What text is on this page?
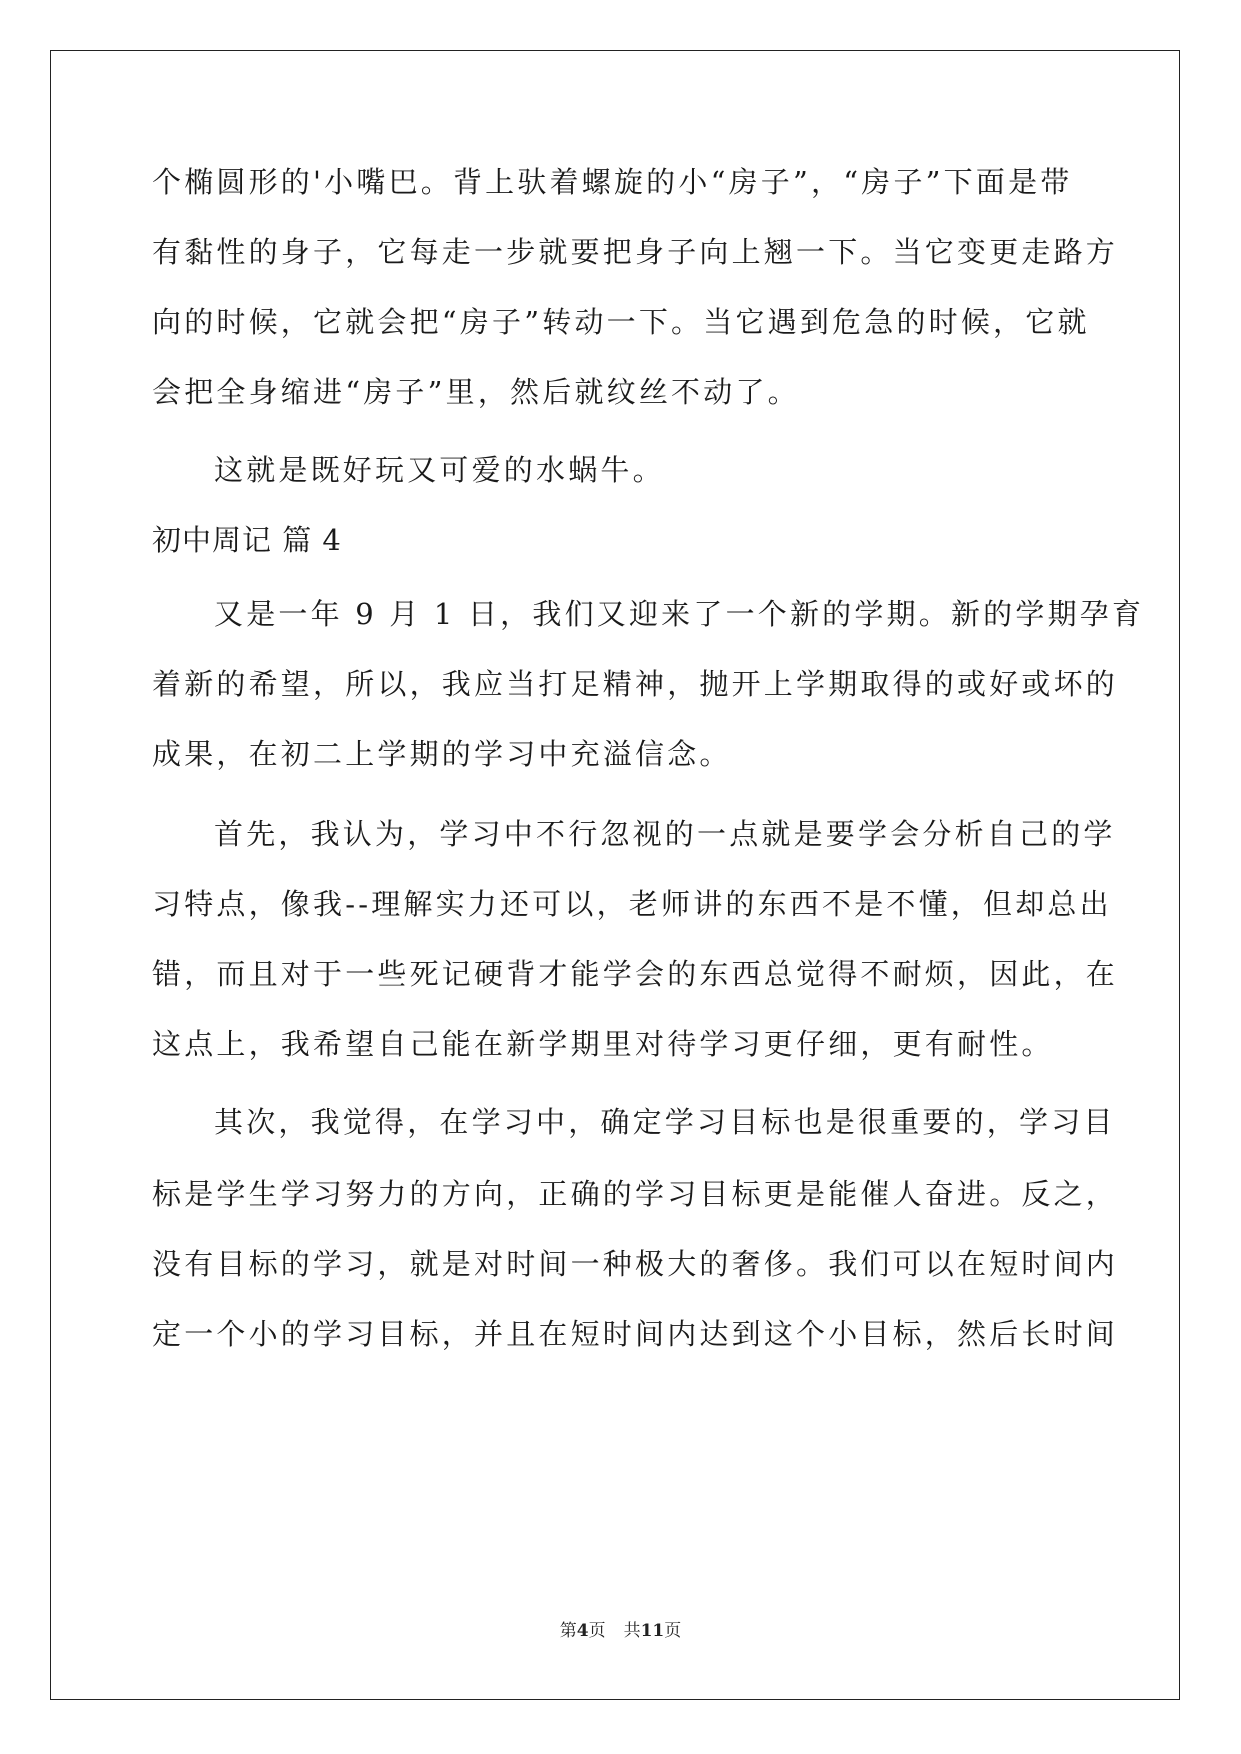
个椭圆形的'小嘴巴。背上驮着螺旋的小“房子”，“房子”下面是带
有黏性的身子，它每走一步就要把身子向上翘一下。当它变更走路方
向的时候，它就会把“房子”转动一下。当它遇到危急的时候，它就
会把全身缩进“房子”里，然后就纹丝不动了。
这就是既好玩又可爱的水蜗牛。
初中周记 篇 4
又是一年 9 月 1 日，我们又迎来了一个新的学期。新的学期孕育
着新的希望，所以，我应当打足精神，抛开上学期取得的或好或坏的
成果，在初二上学期的学习中充溢信念。
首先，我认为，学习中不行忽视的一点就是要学会分析自己的学
习特点，像我--理解实力还可以，老师讲的东西不是不懂，但却总出
错，而且对于一些死记硬背才能学会的东西总觉得不耐烦，因此，在
这点上，我希望自己能在新学期里对待学习更仔细，更有耐性。
其次，我觉得，在学习中，确定学习目标也是很重要的，学习目
标是学生学习努力的方向，正确的学习目标更是能催人奋进。反之，
没有目标的学习，就是对时间一种极大的奢侈。我们可以在短时间内
定一个小的学习目标，并且在短时间内达到这个小目标，然后长时间
第4页 共11页
